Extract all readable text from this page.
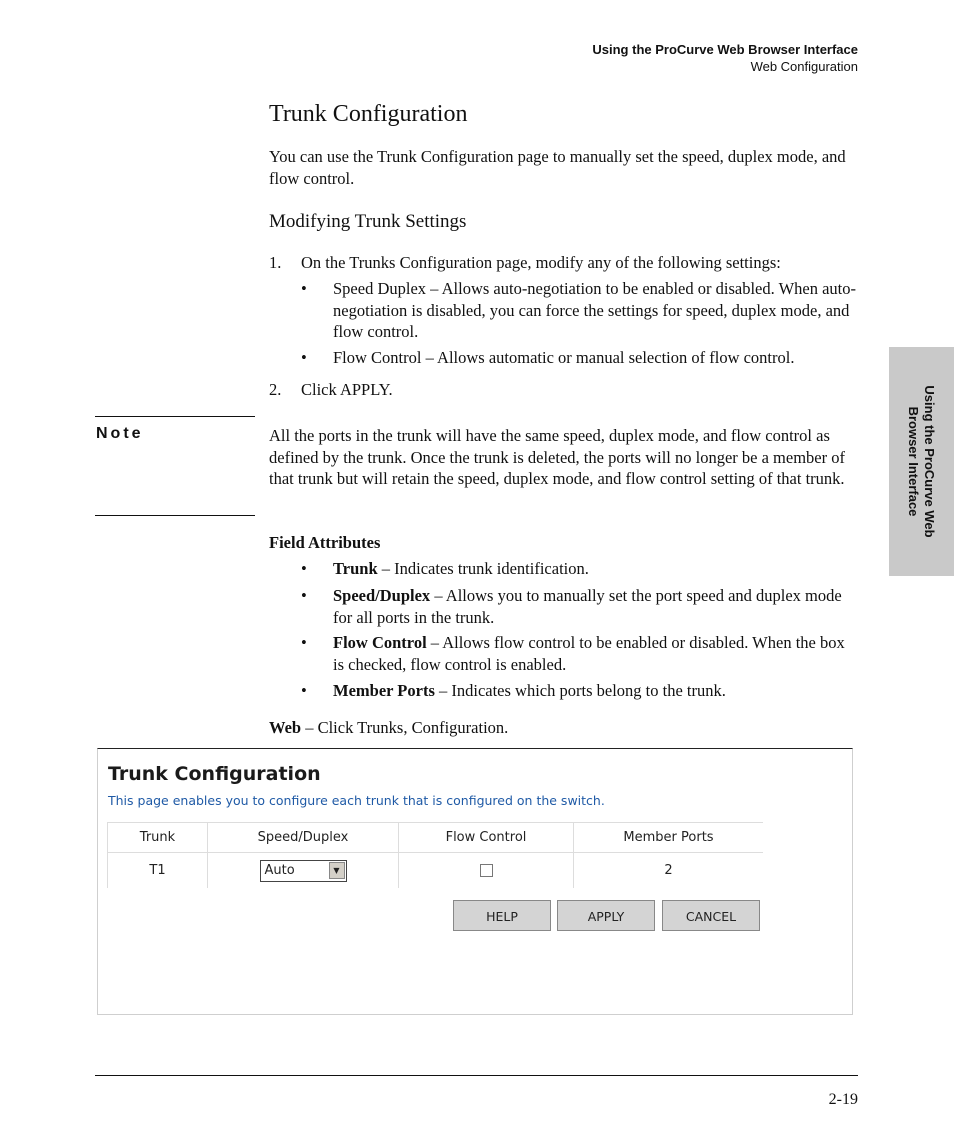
Using the ProCurve Web Browser Interface
Web Configuration
Using the ProCurve Web
Browser Interface
Trunk Configuration
You can use the Trunk Configuration page to manually set the speed, duplex mode, and flow control.
Modifying Trunk Settings
1. On the Trunks Configuration page, modify any of the following settings:
• Speed Duplex – Allows auto-negotiation to be enabled or disabled. When auto-negotiation is disabled, you can force the settings for speed, duplex mode, and flow control.
• Flow Control – Allows automatic or manual selection of flow control.
2. Click APPLY.
Note	All the ports in the trunk will have the same speed, duplex mode, and flow control as defined by the trunk. Once the trunk is deleted, the ports will no longer be a member of that trunk but will retain the speed, duplex mode, and flow control setting of that trunk.
Field Attributes
• Trunk – Indicates trunk identification.
• Speed/Duplex – Allows you to manually set the port speed and duplex mode for all ports in the trunk.
• Flow Control – Allows flow control to be enabled or disabled. When the box is checked, flow control is enabled.
• Member Ports – Indicates which ports belong to the trunk.
Web – Click Trunks, Configuration.
Trunk Configuration
This page enables you to configure each trunk that is configured on the switch.
Trunk	Speed/Duplex	Flow Control	Member Ports
T1	Auto ▼		2
HELP	APPLY	CANCEL
2-19
